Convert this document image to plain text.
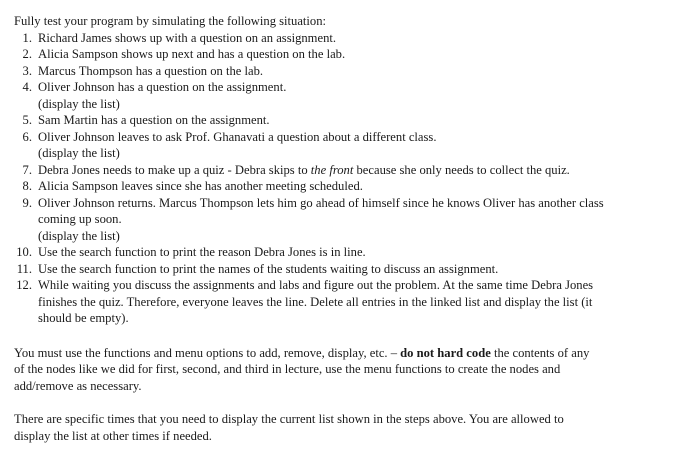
Fully test your program by simulating the following situation:
1. Richard James shows up with a question on an assignment.
2. Alicia Sampson shows up next and has a question on the lab.
3. Marcus Thompson has a question on the lab.
4. Oliver Johnson has a question on the assignment.
(display the list)
5. Sam Martin has a question on the assignment.
6. Oliver Johnson leaves to ask Prof. Ghanavati a question about a different class.
(display the list)
7. Debra Jones needs to make up a quiz - Debra skips to the front because she only needs to collect the quiz.
8. Alicia Sampson leaves since she has another meeting scheduled.
9. Oliver Johnson returns. Marcus Thompson lets him go ahead of himself since he knows Oliver has another class
coming up soon.
(display the list)
10. Use the search function to print the reason Debra Jones is in line.
11. Use the search function to print the names of the students waiting to discuss an assignment.
12. While waiting you discuss the assignments and labs and figure out the problem. At the same time Debra Jones
finishes the quiz. Therefore, everyone leaves the line. Delete all entries in the linked list and display the list (it
should be empty).

You must use the functions and menu options to add, remove, display, etc. – do not hard code the contents of any
of the nodes like we did for first, second, and third in lecture, use the menu functions to create the nodes and
add/remove as necessary.

There are specific times that you need to display the current list shown in the steps above. You are allowed to
display the list at other times if needed.
